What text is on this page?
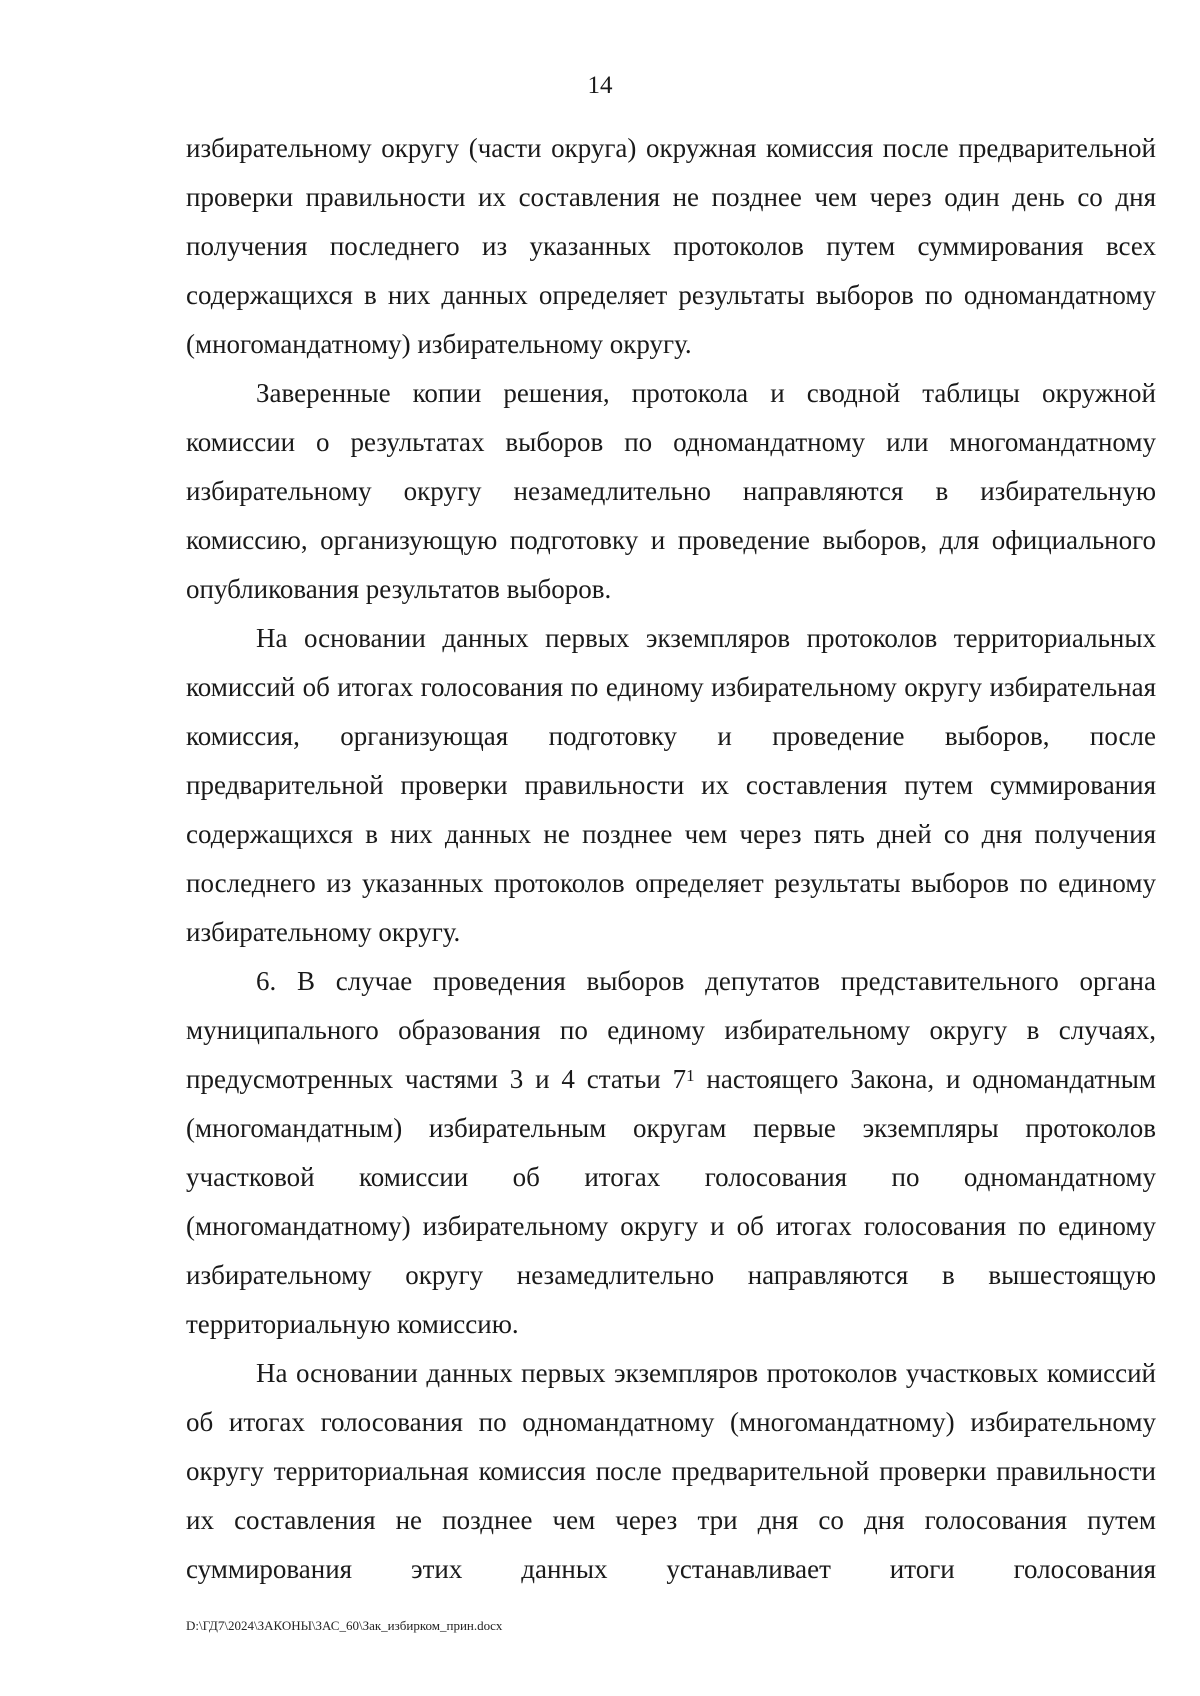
14

избирательному округу (части округа) окружная комиссия после предварительной проверки правильности их составления не позднее чем через один день со дня получения последнего из указанных протоколов путем суммирования всех содержащихся в них данных определяет результаты выборов по одномандатному (многомандатному) избирательному округу.

Заверенные копии решения, протокола и сводной таблицы окружной комиссии о результатах выборов по одномандатному или многомандатному избирательному округу незамедлительно направляются в избирательную комиссию, организующую подготовку и проведение выборов, для официального опубликования результатов выборов.

На основании данных первых экземпляров протоколов территориальных комиссий об итогах голосования по единому избирательному округу избирательная комиссия, организующая подготовку и проведение выборов, после предварительной проверки правильности их составления путем суммирования содержащихся в них данных не позднее чем через пять дней со дня получения последнего из указанных протоколов определяет результаты выборов по единому избирательному округу.

6. В случае проведения выборов депутатов представительного органа муниципального образования по единому избирательному округу в случаях, предусмотренных частями 3 и 4 статьи $7^1$ настоящего Закона, и одномандатным (многомандатным) избирательным округам первые экземпляры протоколов участковой комиссии об итогах голосования по одномандатному (многомандатному) избирательному округу и об итогах голосования по единому избирательному округу незамедлительно направляются в вышестоящую территориальную комиссию.

На основании данных первых экземпляров протоколов участковых комиссий об итогах голосования по одномандатному (многомандатному) избирательному округу территориальная комиссия после предварительной проверки правильности их составления не позднее чем через три дня со дня голосования путем суммирования этих данных устанавливает итоги голосования

D:\ГД7\2024\ЗАКОНЫ\ЗАС_60\Зак_избирком_прин.docx
